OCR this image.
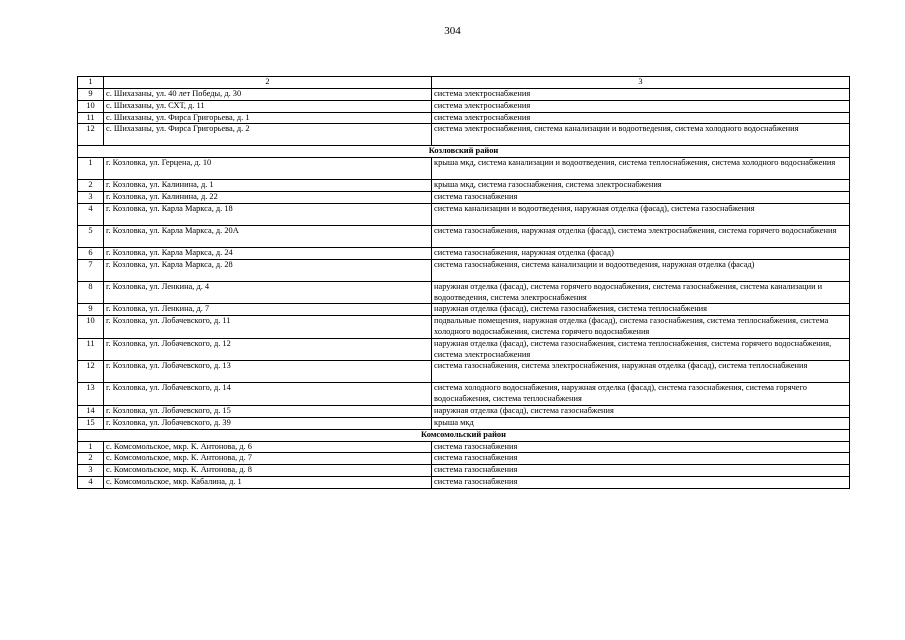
304
1	2	3
9	с. Шихазаны, ул. 40 лет Победы, д. 30	система электроснабжения
10	с. Шихазаны, ул. СХТ, д. 11	система электроснабжения
11	с. Шихазаны, ул. Фирса Григорьева, д. 1	система электроснабжения
12	с. Шихазаны, ул. Фирса Григорьева, д. 2	система электроснабжения, система канализации и водоотведения, система холодного водоснабжения
Козловский район		
1	г. Козловка, ул. Герцена, д. 10	крыша мкд, система канализации и водоотведения, система теплоснабжения, система холодного водоснабжения
2	г. Козловка, ул. Калинина, д. 1	крыша мкд, система газоснабжения, система электроснабжения
3	г. Козловка, ул. Калинина, д. 22	система газоснабжения
4	г. Козловка, ул. Карла Маркса, д. 18	система канализации и водоотведения, наружная отделка (фасад), система газоснабжения
5	г. Козловка, ул. Карла Маркса, д. 20А	система газоснабжения, наружная отделка (фасад), система электроснабжения, система горячего водоснабжения
6	г. Козловка, ул. Карла Маркса, д. 24	система газоснабжения, наружная отделка (фасад)
7	г. Козловка, ул. Карла Маркса, д. 28	система газоснабжения, система канализации и водоотведения, наружная отделка (фасад)
8	г. Козловка, ул. Ленкина, д. 4	наружная отделка (фасад), система горячего водоснабжения, система газоснабжения, система канализации и водоотведения, система электроснабжения
9	г. Козловка, ул. Ленкина, д. 7	наружная отделка (фасад), система газоснабжения, система теплоснабжения
10	г. Козловка, ул. Лобачевского, д. 11	подвальные помещения, наружная отделка (фасад), система газоснабжения, система теплоснабжения, система холодного водоснабжения, система горячего водоснабжения
11	г. Козловка, ул. Лобачевского, д. 12	наружная отделка (фасад), система газоснабжения, система теплоснабжения, система горячего водоснабжения, система электроснабжения
12	г. Козловка, ул. Лобачевского, д. 13	система газоснабжения, система электроснабжения, наружная отделка (фасад), система теплоснабжения
13	г. Козловка, ул. Лобачевского, д. 14	система холодного водоснабжения, наружная отделка (фасад), система газоснабжения, система горячего водоснабжения, система теплоснабжения
14	г. Козловка, ул. Лобачевского, д. 15	наружная отделка (фасад), система газоснабжения
15	г. Козловка, ул. Лобачевского, д. 39	крыша мкд
Комсомольский район		
1	с. Комсомольское, мкр. К. Антонова, д. 6	система газоснабжения
2	с. Комсомольское, мкр. К. Антонова, д. 7	система газоснабжения
3	с. Комсомольское, мкр. К. Антонова, д. 8	система газоснабжения
4	с. Комсомольское, мкр. Кабалина, д. 1	система газоснабжения
